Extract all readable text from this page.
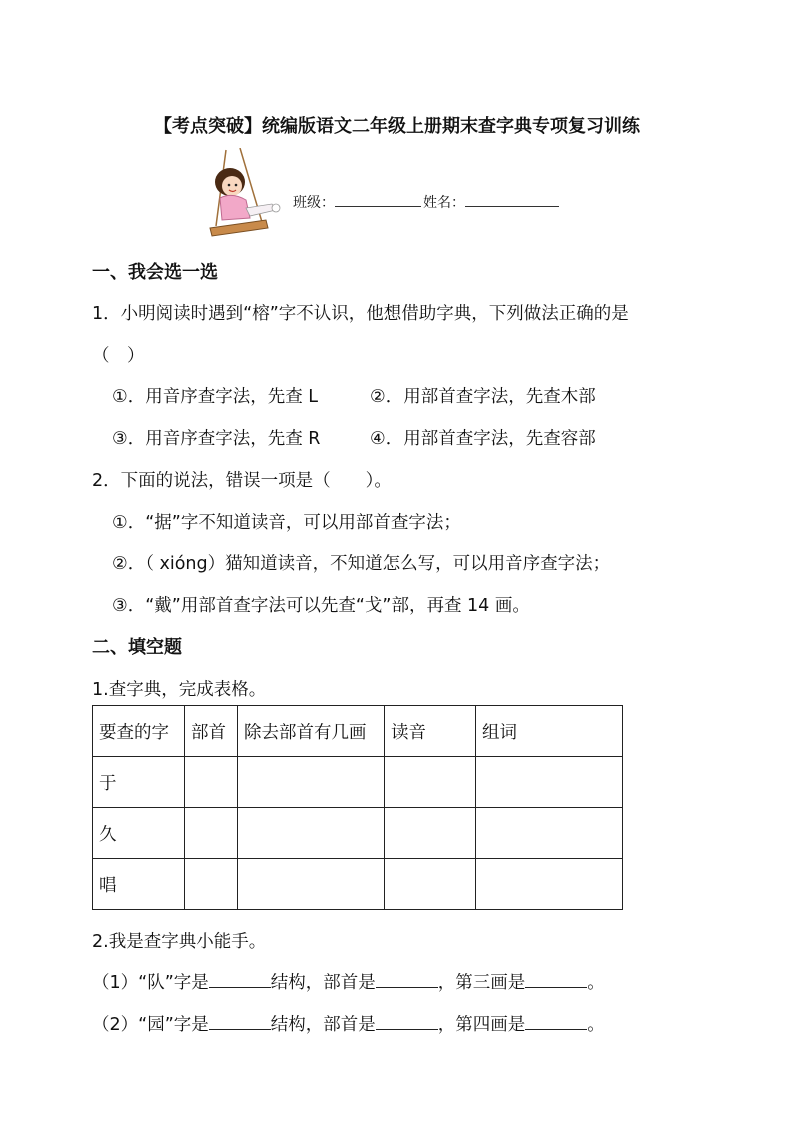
【考点突破】统编版语文二年级上册期末查字典专项复习训练
班级：	姓名：
一、我会选一选
1．小明阅读时遇到“榕”字不认识，他想借助字典，下列做法正确的是
（　）
①．用音序查字法，先查 L	②．用部首查字法，先查木部
③．用音序查字法，先查 R	④．用部首查字法，先查容部
2．下面的说法，错误一项是（　　）。
①．“据”字不知道读音，可以用部首查字法；
②．（ xióng）猫知道读音，不知道怎么写，可以用音序查字法；
③．“戴”用部首查字法可以先查“戈”部，再查 14 画。
二、填空题
1.查字典，完成表格。
要查的字	部首	除去部首有几画	读音	组词
于				
久				
唱				
2.我是查字典小能手。
（1）“队”字是	结构，部首是	，第三画是	。
（2）“园”字是	结构，部首是	，第四画是	。
